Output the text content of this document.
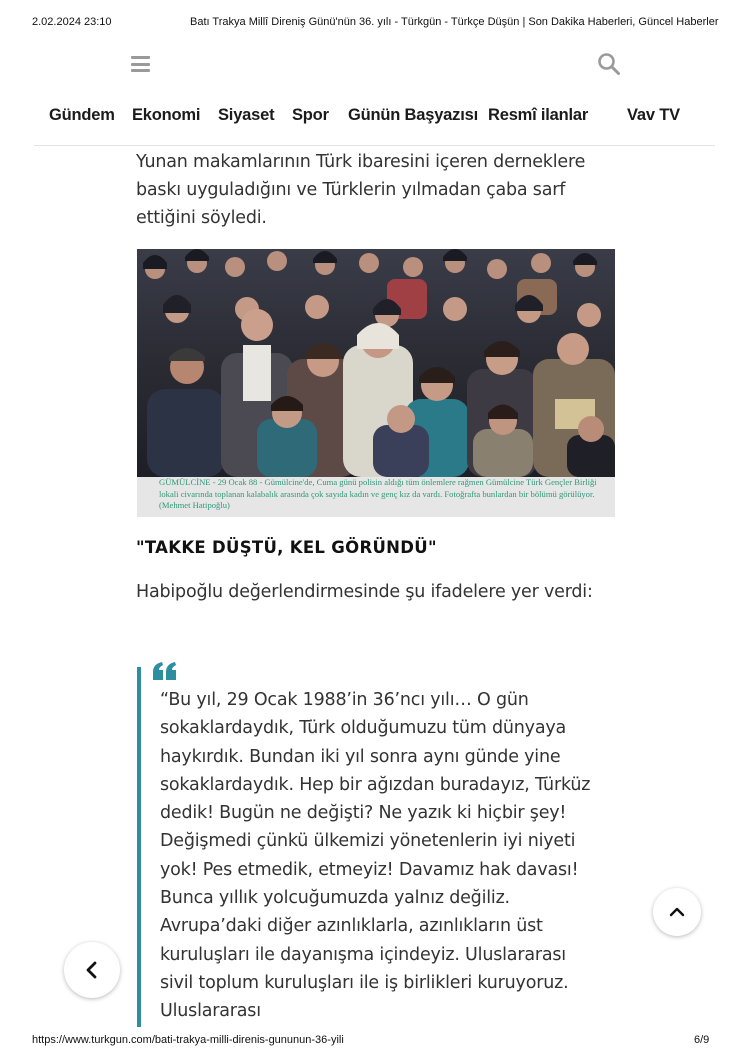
2.02.2024 23:10	Batı Trakya Millî Direniş Günü'nün 36. yılı - Türkgün - Türkçe Düşün | Son Dakika Haberleri, Güncel Haberler
Gündem Ekonomi Siyaset Spor Günün Başyazısı Resmî ilanlar Vav TV

Yunan makamlarının Türk ibaresini içeren derneklere baskı uyguladığını ve Türklerin yılmadan çaba sarf ettiğini söyledi.

GÜMÜLCİNE - 29 Ocak 88 - Gümülcine'de, Cuma günü polisin aldığı tüm önlemlere rağmen Gümülcine Türk Gençler Birliği lokali civarında toplanan kalabalık arasında çok sayıda kadın ve genç kız da vardı. Fotoğrafta bunlardan bir bölümü görülüyor. (Mehmet Hatipoğlu)
"TAKKE DÜŞTÜ, KEL GÖRÜNDÜ"

Habipoğlu değerlendirmesinde şu ifadelere yer verdi:

“Bu yıl, 29 Ocak 1988’in 36’ncı yılı… O gün sokaklardaydık, Türk olduğumuzu tüm dünyaya haykırdık. Bundan iki yıl sonra aynı günde yine sokaklardaydık. Hep bir ağızdan buradayız, Türküz dedik! Bugün ne değişti? Ne yazık ki hiçbir şey! Değişmedi çünkü ülkemizi yönetenlerin iyi niyeti yok! Pes etmedik, etmeyiz! Davamız hak davası! Bunca yıllık yolcuğumuzda yalnız değiliz. Avrupa’daki diğer azınlıklarla, azınlıkların üst kuruluşları ile dayanışma içindeyiz. Uluslararası sivil toplum kuruluşları ile iş birlikleri kuruyoruz. Uluslararası
https://www.turkgun.com/bati-trakya-milli-direnis-gununun-36-yili	6/9
